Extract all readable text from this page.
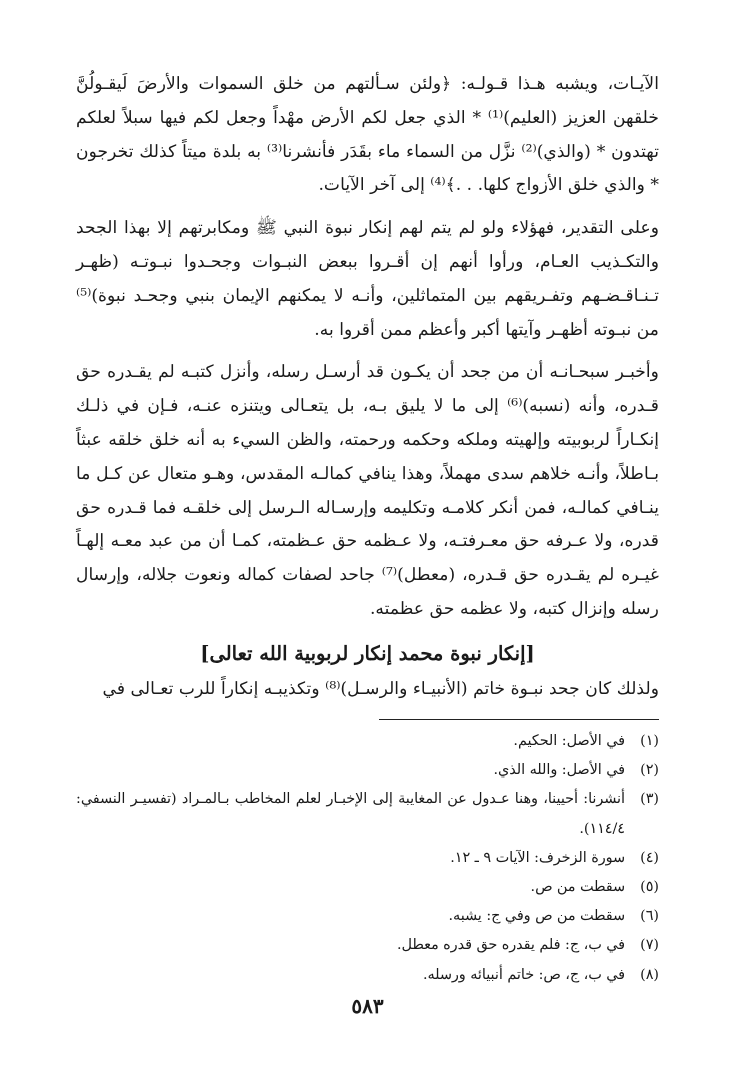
الآيـات، ويشبه هـذا قـولـه: ﴿ولئن سـألتهم من خلق السموات والأرضَ لَيقـولُنَّ خلقهن العزيز (العليم)⁽¹⁾ * الذي جعل لكم الأرض مهْداً وجعل لكم فيها سبلاً لعلكم تهتدون * (والذي)⁽²⁾ نزَّل من السماء ماء بقَدَر فأنشرنا⁽³⁾ به بلدة ميتاً كذلك تخرجون * والذي خلق الأزواج كلها. . .﴾⁽⁴⁾ إلى آخر الآيات.

وعلى التقدير، فهؤلاء ولو لم يتم لهم إنكار نبوة النبي ﷺ ومكابرتهم إلا بهذا الجحد والتكـذيب العـام، ورأوا أنهم إن أقـروا ببعض النبـوات وجحـدوا نبـوتـه (ظهـر تـنـاقـضـهم وتفـريقهم بين المتماثلين، وأنـه لا يمكنهم الإيمان بنبي وجحـد نبوة)⁽⁵⁾ من نبـوته أظهـر وآيتها أكبر وأعظم ممن أقروا به.

وأخبـر سبحـانـه أن من جحد أن يكـون قد أرسـل رسله، وأنزل كتبـه لم يقـدره حق قـدره، وأنه (نسبه)⁽⁶⁾ إلى ما لا يليق بـه، بل يتعـالى ويتنزه عنـه، فـإن في ذلـك إنكـاراً لربوبيته وإلهيته وملكه وحكمه ورحمته، والظن السيء به أنه خلق خلقه عبثاً بـاطلاً، وأنـه خلاهم سدى مهملاً، وهذا ينافي كمالـه المقدس، وهـو متعال عن كـل ما ينـافي كمالـه، فمن أنكر كلامـه وتكليمه وإرسـاله الـرسل إلى خلقـه فما قـدره حق قدره، ولا عـرفه حق معـرفتـه، ولا عـظمه حق عـظمته، كمـا أن من عبد معـه إلهـاً غيـره لم يقـدره حق قـدره، (معطل)⁽⁷⁾ جاحد لصفات كماله ونعوت جلاله، وإرسال رسله وإنزال كتبه، ولا عظمه حق عظمته.

[إنكار نبوة محمد إنكار لربوبية الله تعالى]

ولذلك كان جحد نبـوة خاتم (الأنبيـاء والرسـل)⁽⁸⁾ وتكذيبـه إنكاراً للرب تعـالى في

(١)
في الأصل: الحكيم.
(٢)
في الأصل: والله الذي.
(٣)
أنشرنا: أحيينا، وهنا عـدول عن المغايبة إلى الإخبـار لعلم المخاطب بـالمـراد (تفسيـر النسفي: ١١٤/٤).
(٤)
سورة الزخرف: الآيات ٩ ـ ١٢.
(٥)
سقطت من ص.
(٦)
سقطت من ص وفي ج: يشبه.
(٧)
في ب، ج: فلم يقدره حق قدره معطل.
(٨)
في ب، ج، ص: خاتم أنبيائه ورسله.
٥٨٣
